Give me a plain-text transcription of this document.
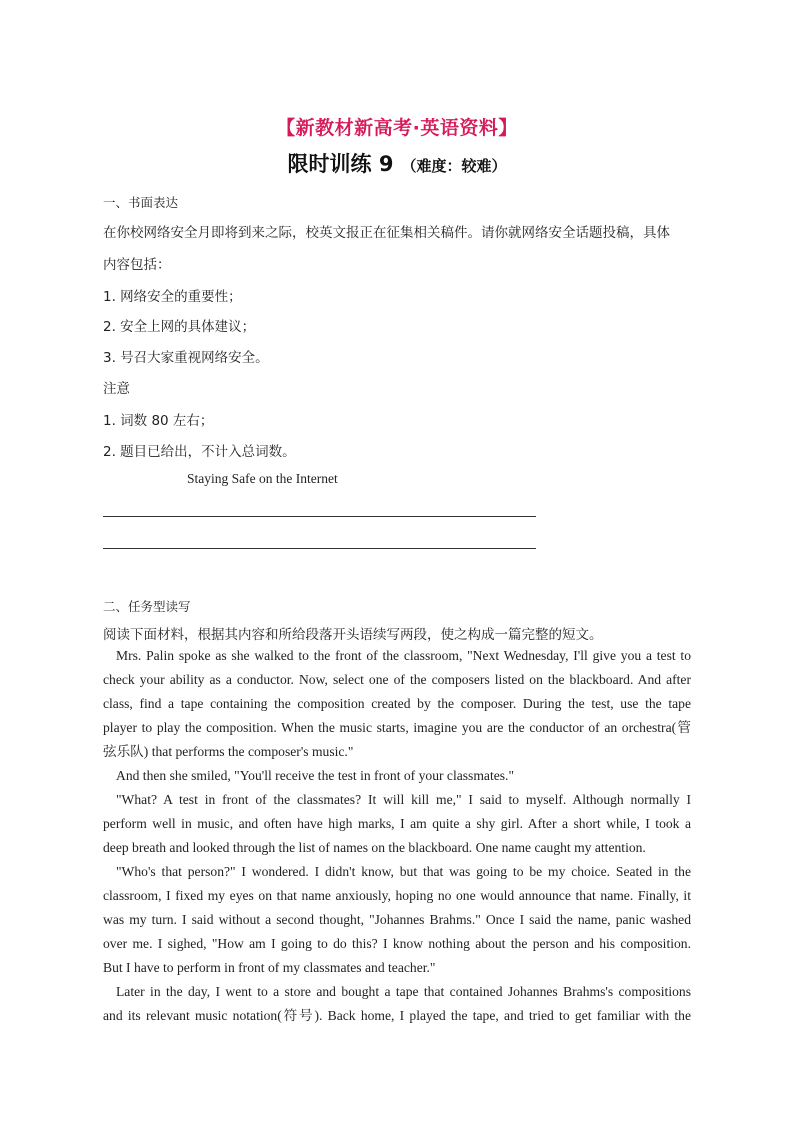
【新教材新高考·英语资料】
限时训练 9 （难度：较难）
一、书面表达
在你校网络安全月即将到来之际，校英文报正在征集相关稿件。请你就网络安全话题投稿，具体
内容包括：
1. 网络安全的重要性；
2. 安全上网的具体建议；
3. 号召大家重视网络安全。
注意
1. 词数 80 左右；
2. 题目已给出，不计入总词数。
Staying Safe on the Internet
二、任务型读写
阅读下面材料，根据其内容和所给段落开头语续写两段，使之构成一篇完整的短文。
Mrs. Palin spoke as she walked to the front of the classroom, "Next Wednesday, I'll give you a test to
check your ability as a conductor. Now, select one of the composers listed on the blackboard. And after
class, find a tape containing the composition created by the composer. During the test, use the tape
player to play the composition. When the music starts, imagine you are the conductor of an orchestra(管
弦乐队) that performs the composer's music."
And then she smiled, "You'll receive the test in front of your classmates."
"What? A test in front of the classmates? It will kill me," I said to myself. Although normally I
perform well in music, and often have high marks, I am quite a shy girl. After a short while, I took a
deep breath and looked through the list of names on the blackboard. One name caught my attention.
"Who's that person?" I wondered. I didn't know, but that was going to be my choice. Seated in the
classroom, I fixed my eyes on that name anxiously, hoping no one would announce that name. Finally, it
was my turn. I said without a second thought, "Johannes Brahms." Once I said the name, panic washed
over me. I sighed, "How am I going to do this? I know nothing about the person and his composition.
But I have to perform in front of my classmates and teacher."
Later in the day, I went to a store and bought a tape that contained Johannes Brahms's compositions
and its relevant music notation(符号). Back home, I played the tape, and tried to get familiar with the
